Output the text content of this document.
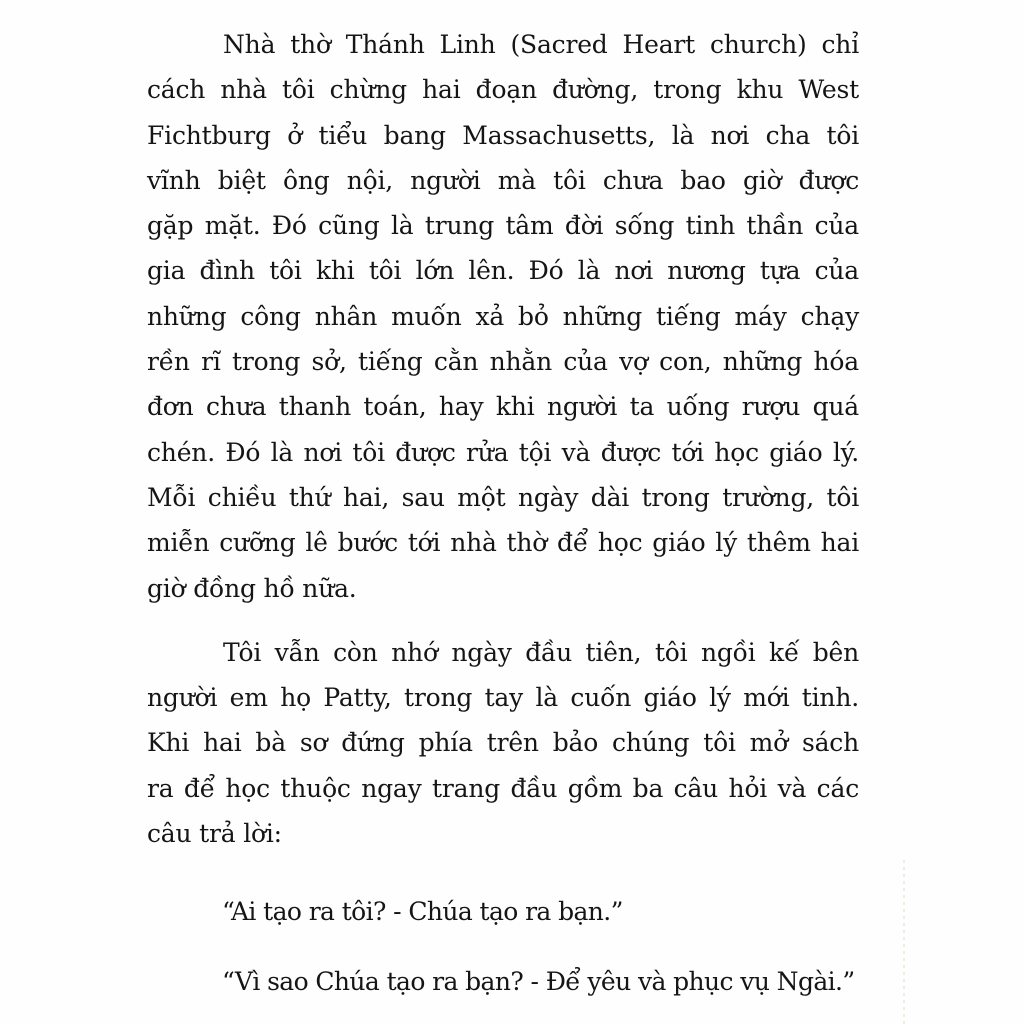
Nhà thờ Thánh Linh (Sacred Heart church) chỉ
cách nhà tôi chừng hai đoạn đường, trong khu West
Fichtburg ở tiểu bang Massachusetts, là nơi cha tôi
vĩnh biệt ông nội, người mà tôi chưa bao giờ được
gặp mặt. Đó cũng là trung tâm đời sống tinh thần của
gia đình tôi khi tôi lớn lên. Đó là nơi nương tựa của
những công nhân muốn xả bỏ những tiếng máy chạy
rền rĩ trong sở, tiếng cằn nhằn của vợ con, những hóa
đơn chưa thanh toán, hay khi người ta uống rượu quá
chén. Đó là nơi tôi được rửa tội và được tới học giáo lý.
Mỗi chiều thứ hai, sau một ngày dài trong trường, tôi
miễn cưỡng lê bước tới nhà thờ để học giáo lý thêm hai
giờ đồng hồ nữa.

Tôi vẫn còn nhớ ngày đầu tiên, tôi ngồi kế bên
người em họ Patty, trong tay là cuốn giáo lý mới tinh.
Khi hai bà sơ đứng phía trên bảo chúng tôi mở sách
ra để học thuộc ngay trang đầu gồm ba câu hỏi và các
câu trả lời:

“Ai tạo ra tôi? - Chúa tạo ra bạn.”
“Vì sao Chúa tạo ra bạn? - Để yêu và phục vụ Ngài.”
